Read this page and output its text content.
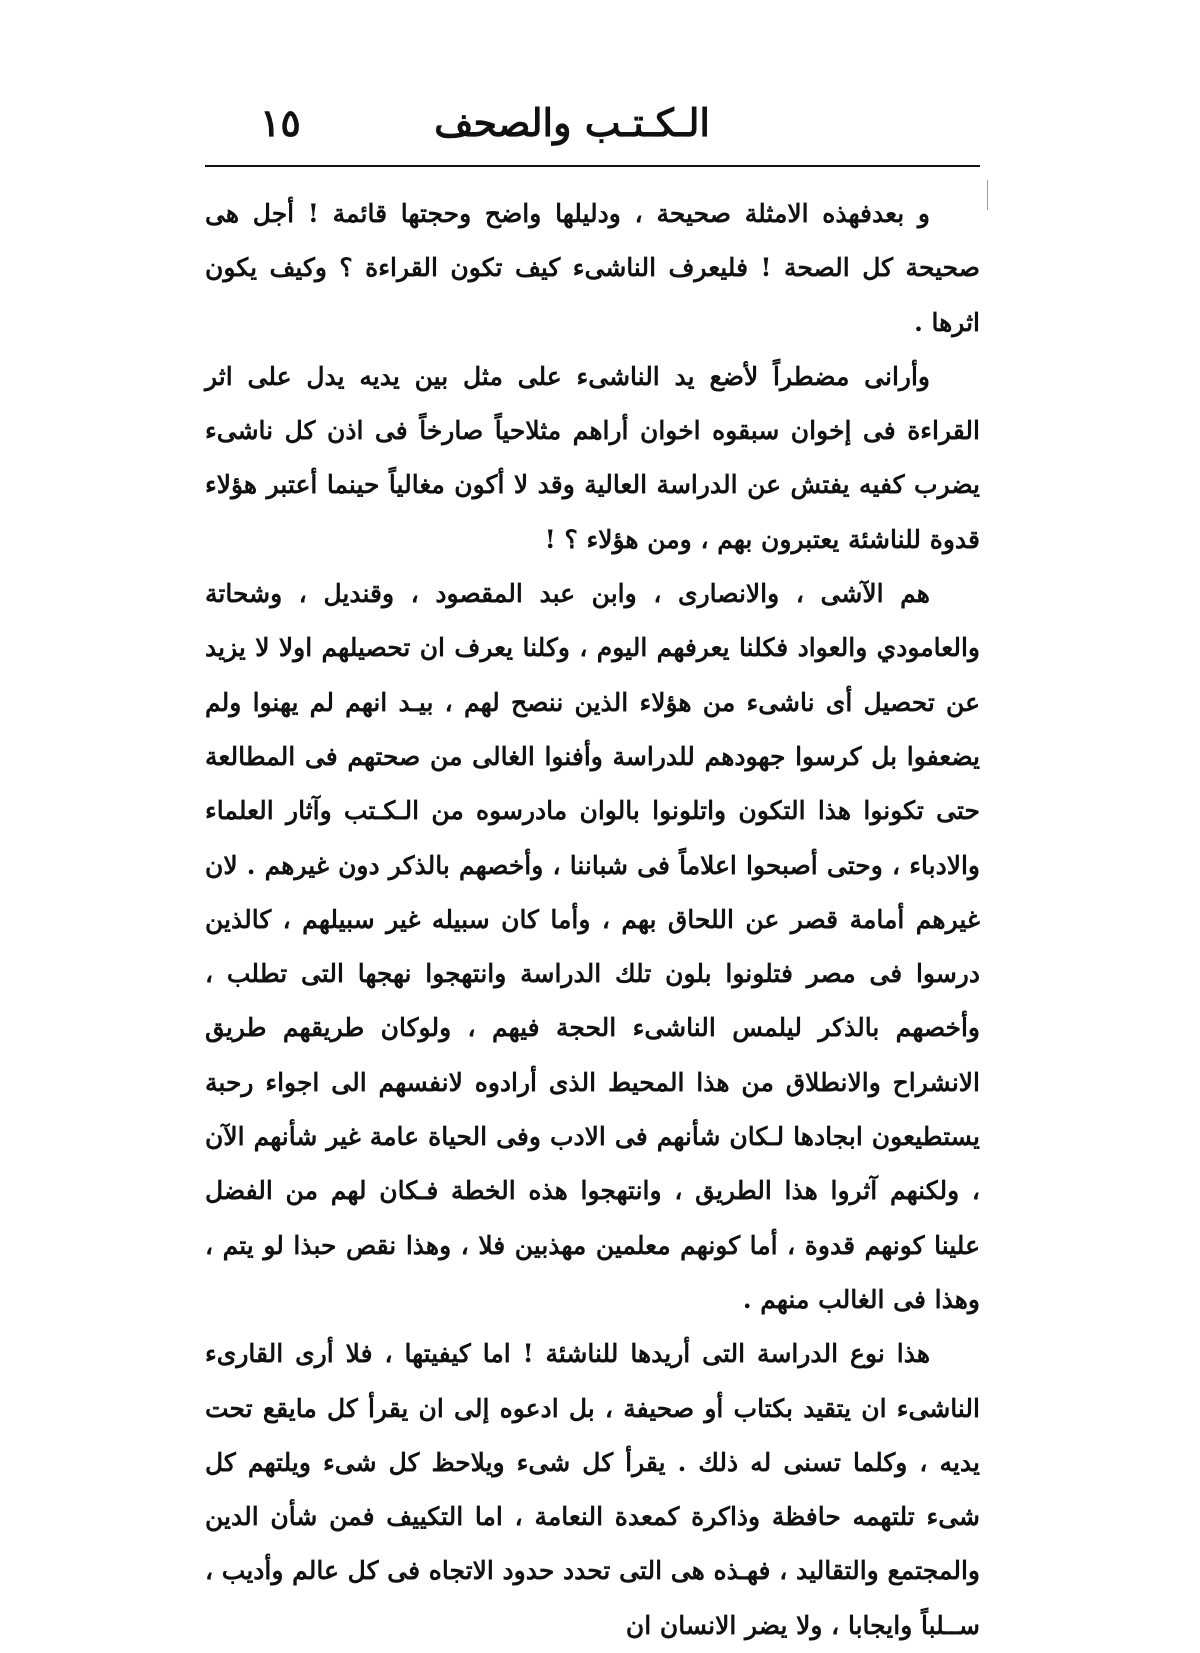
الـكـتـب والصحف
١٥

و بعدفهذه الامثلة صحيحة ، ودليلها واضح وحجتها قائمة ! أجل هى صحيحة كل الصحة ! فليعرف الناشىء كيف تكون القراءة ؟ وكيف يكون اثرها .

وأرانى مضطراً لأضع يد الناشىء على مثل بين يديه يدل على اثر القراءة فى إخوان سبقوه اخوان أراهم مثلاحياً صارخاً فى اذن كل ناشىء يضرب كفيه يفتش عن الدراسة العالية وقد لا أكون مغالياً حينما أعتبر هؤلاء قدوة للناشئة يعتبرون بهم ، ومن هؤلاء ؟ !

هم الآشى ، والانصارى ، وابن عبد المقصود ، وقنديل ، وشحاتة والعامودي والعواد فكلنا يعرفهم اليوم ، وكلنا يعرف ان تحصيلهم اولا لا يزيد عن تحصيل أى ناشىء من هؤلاء الذين ننصح لهم ، بيـد انهم لم يهنوا ولم يضعفوا بل كرسوا جهودهم للدراسة وأفنوا الغالى من صحتهم فى المطالعة حتى تكونوا هذا التكون واتلونوا بالوان مادرسوه من الـكـتب وآثار العلماء والادباء ، وحتى أصبحوا اعلاماً فى شباننا ، وأخصهم بالذكر دون غيرهم . لان غيرهم أمامة قصر عن اللحاق بهم ، وأما كان سبيله غير سبيلهم ، كالذين درسوا فى مصر فتلونوا بلون تلك الدراسة وانتهجوا نهجها التى تطلب ، وأخصهم بالذكر ليلمس الناشىء الحجة فيهم ، ولوكان طريقهم طريق الانشراح والانطلاق من هذا المحيط الذى أرادوه لانفسهم الى اجواء رحبة يستطيعون ابجادها لـكان شأنهم فى الادب وفى الحياة عامة غير شأنهم الآن ، ولكنهم آثروا هذا الطريق ، وانتهجوا هذه الخطة فـكان لهم من الفضل علينا كونهم قدوة ، أما كونهم معلمين مهذبين فلا ، وهذا نقص حبذا لو يتم ، وهذا فى الغالب منهم .

هذا نوع الدراسة التى أريدها للناشئة ! اما كيفيتها ، فلا أرى القارىء الناشىء ان يتقيد بكتاب أو صحيفة ، بل ادعوه إلى ان يقرأ كل مايقع تحت يديه ، وكلما تسنى له ذلك . يقرأ كل شىء ويلاحظ كل شىء ويلتهم كل شىء تلتهمه حافظة وذاكرة كمعدة النعامة ، اما التكييف فمن شأن الدين والمجتمع والتقاليد ، فهـذه هى التى تحدد حدود الاتجاه فى كل عالم وأديب ، ســلباً وايجابا ، ولا يضر الانسان ان
